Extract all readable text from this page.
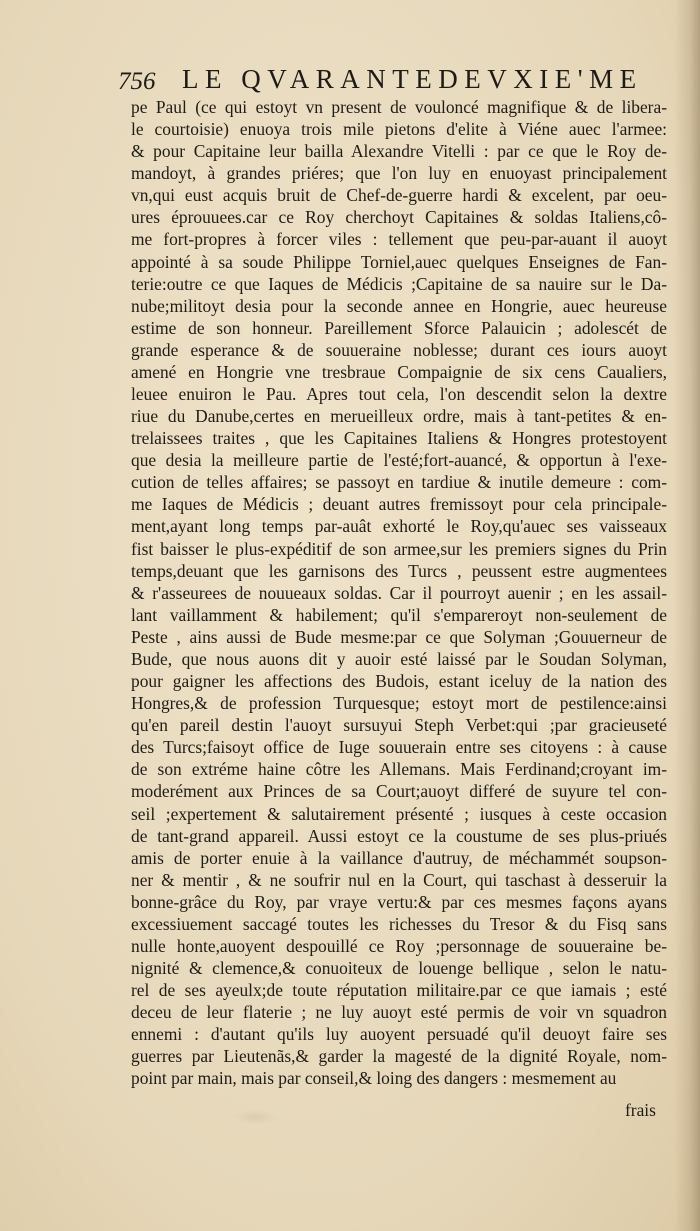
756 LE QVARANTEDEVXIE'ME
pe Paul (ce qui estoyt vn present de vouloncé magnifique & de libera-
le courtoisie) enuoya trois mile pietons d'elite à Viéne auec l'armee:
& pour Capitaine leur bailla Alexandre Vitelli : par ce que le Roy de-
mandoyt, à grandes priéres; que l'on luy en enuoyast principalement
vn,qui eust acquis bruit de Chef-de-guerre hardi & excelent, par oeu-
ures éprouuees.car ce Roy cherchoyt Capitaines & soldas Italiens,cô-
me fort-propres à forcer viles : tellement que peu-par-auant il auoyt
appointé à sa soude Philippe Torniel,auec quelques Enseignes de Fan-
terie:outre ce que Iaques de Médicis ;Capitaine de sa nauire sur le Da-
nube;militoyt desia pour la seconde annee en Hongrie, auec heureuse
estime de son honneur. Pareillement Sforce Palauicin ; adolescét de
grande esperance & de souueraine noblesse; durant ces iours auoyt
amené en Hongrie vne tresbraue Compaignie de six cens Caualiers,
leuee enuiron le Pau. Apres tout cela, l'on descendit selon la dextre
riue du Danube,certes en merueilleux ordre, mais à tant-petites & en-
trelaissees traites , que les Capitaines Italiens & Hongres protestoyent
que desia la meilleure partie de l'esté;fort-auancé, & opportun à l'exe-
cution de telles affaires; se passoyt en tardiue & inutile demeure : com-
me Iaques de Médicis ; deuant autres fremissoyt pour cela principale-
ment,ayant long temps par-auât exhorté le Roy,qu'auec ses vaisseaux
fist baisser le plus-expéditif de son armee,sur les premiers signes du Prin
temps,deuant que les garnisons des Turcs , peussent estre augmentees
& r'asseurees de nouueaux soldas. Car il pourroyt auenir ; en les assail-
lant vaillamment & habilement; qu'il s'empareroyt non-seulement de
Peste , ains aussi de Bude mesme:par ce que Solyman ;Gouuerneur de
Bude, que nous auons dit y auoir esté laissé par le Soudan Solyman,
pour gaigner les affections des Budois, estant iceluy de la nation des
Hongres,& de profession Turquesque; estoyt mort de pestilence:ainsi
qu'en pareil destin l'auoyt sursuyui Steph Verbet:qui ;par gracieuseté
des Turcs;faisoyt office de Iuge souuerain entre ses citoyens : à cause
de son extréme haine côtre les Allemans. Mais Ferdinand;croyant im-
moderément aux Princes de sa Court;auoyt differé de suyure tel con-
seil ;expertement & salutairement présenté ; iusques à ceste occasion
de tant-grand appareil. Aussi estoyt ce la coustume de ses plus-priués
amis de porter enuie à la vaillance d'autruy, de méchammét soupson-
ner & mentir , & ne soufrir nul en la Court, qui taschast à desseruir la
bonne-grâce du Roy, par vraye vertu:& par ces mesmes façons ayans
excessiuement saccagé toutes les richesses du Tresor & du Fisq sans
nulle honte,auoyent despouillé ce Roy ;personnage de souueraine be-
nignité & clemence,& conuoiteux de louenge bellique , selon le natu-
rel de ses ayeulx;de toute réputation militaire.par ce que iamais ; esté
deceu de leur flaterie ; ne luy auoyt esté permis de voir vn squadron
ennemi : d'autant qu'ils luy auoyent persuadé qu'il deuoyt faire ses
guerres par Lieutenãs,& garder la magesté de la dignité Royale, nom-
point par main, mais par conseil,& loing des dangers : mesmement au
frais
